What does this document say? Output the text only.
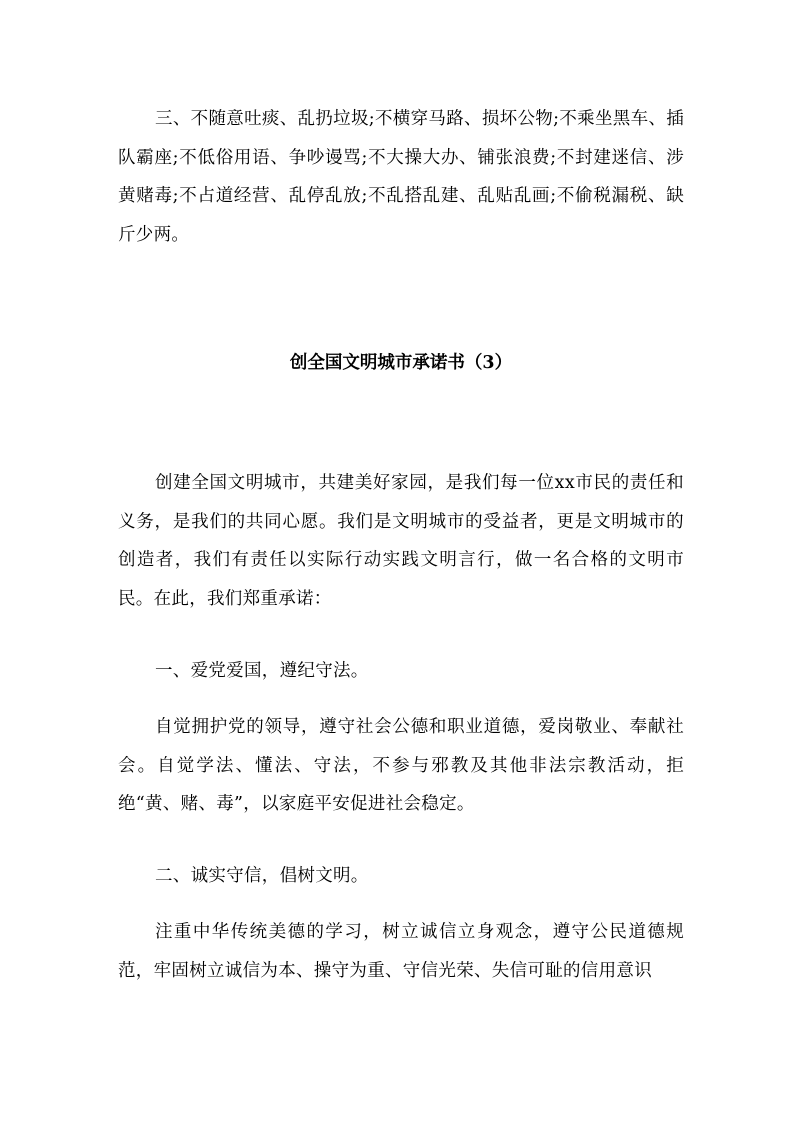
三、不随意吐痰、乱扔垃圾;不横穿马路、损坏公物;不乘坐黑车、插队霸座;不低俗用语、争吵谩骂;不大操大办、铺张浪费;不封建迷信、涉黄赌毒;不占道经营、乱停乱放;不乱搭乱建、乱贴乱画;不偷税漏税、缺斤少两。

创全国文明城市承诺书（3）

创建全国文明城市，共建美好家园，是我们每一位xx市民的责任和义务，是我们的共同心愿。我们是文明城市的受益者，更是文明城市的创造者，我们有责任以实际行动实践文明言行，做一名合格的文明市民。在此，我们郑重承诺：

一、爱党爱国，遵纪守法。

自觉拥护党的领导，遵守社会公德和职业道德，爱岗敬业、奉献社会。自觉学法、懂法、守法，不参与邪教及其他非法宗教活动，拒绝“黄、赌、毒”，以家庭平安促进社会稳定。

二、诚实守信，倡树文明。

注重中华传统美德的学习，树立诚信立身观念，遵守公民道德规范，牢固树立诚信为本、操守为重、守信光荣、失信可耻的信用意识
